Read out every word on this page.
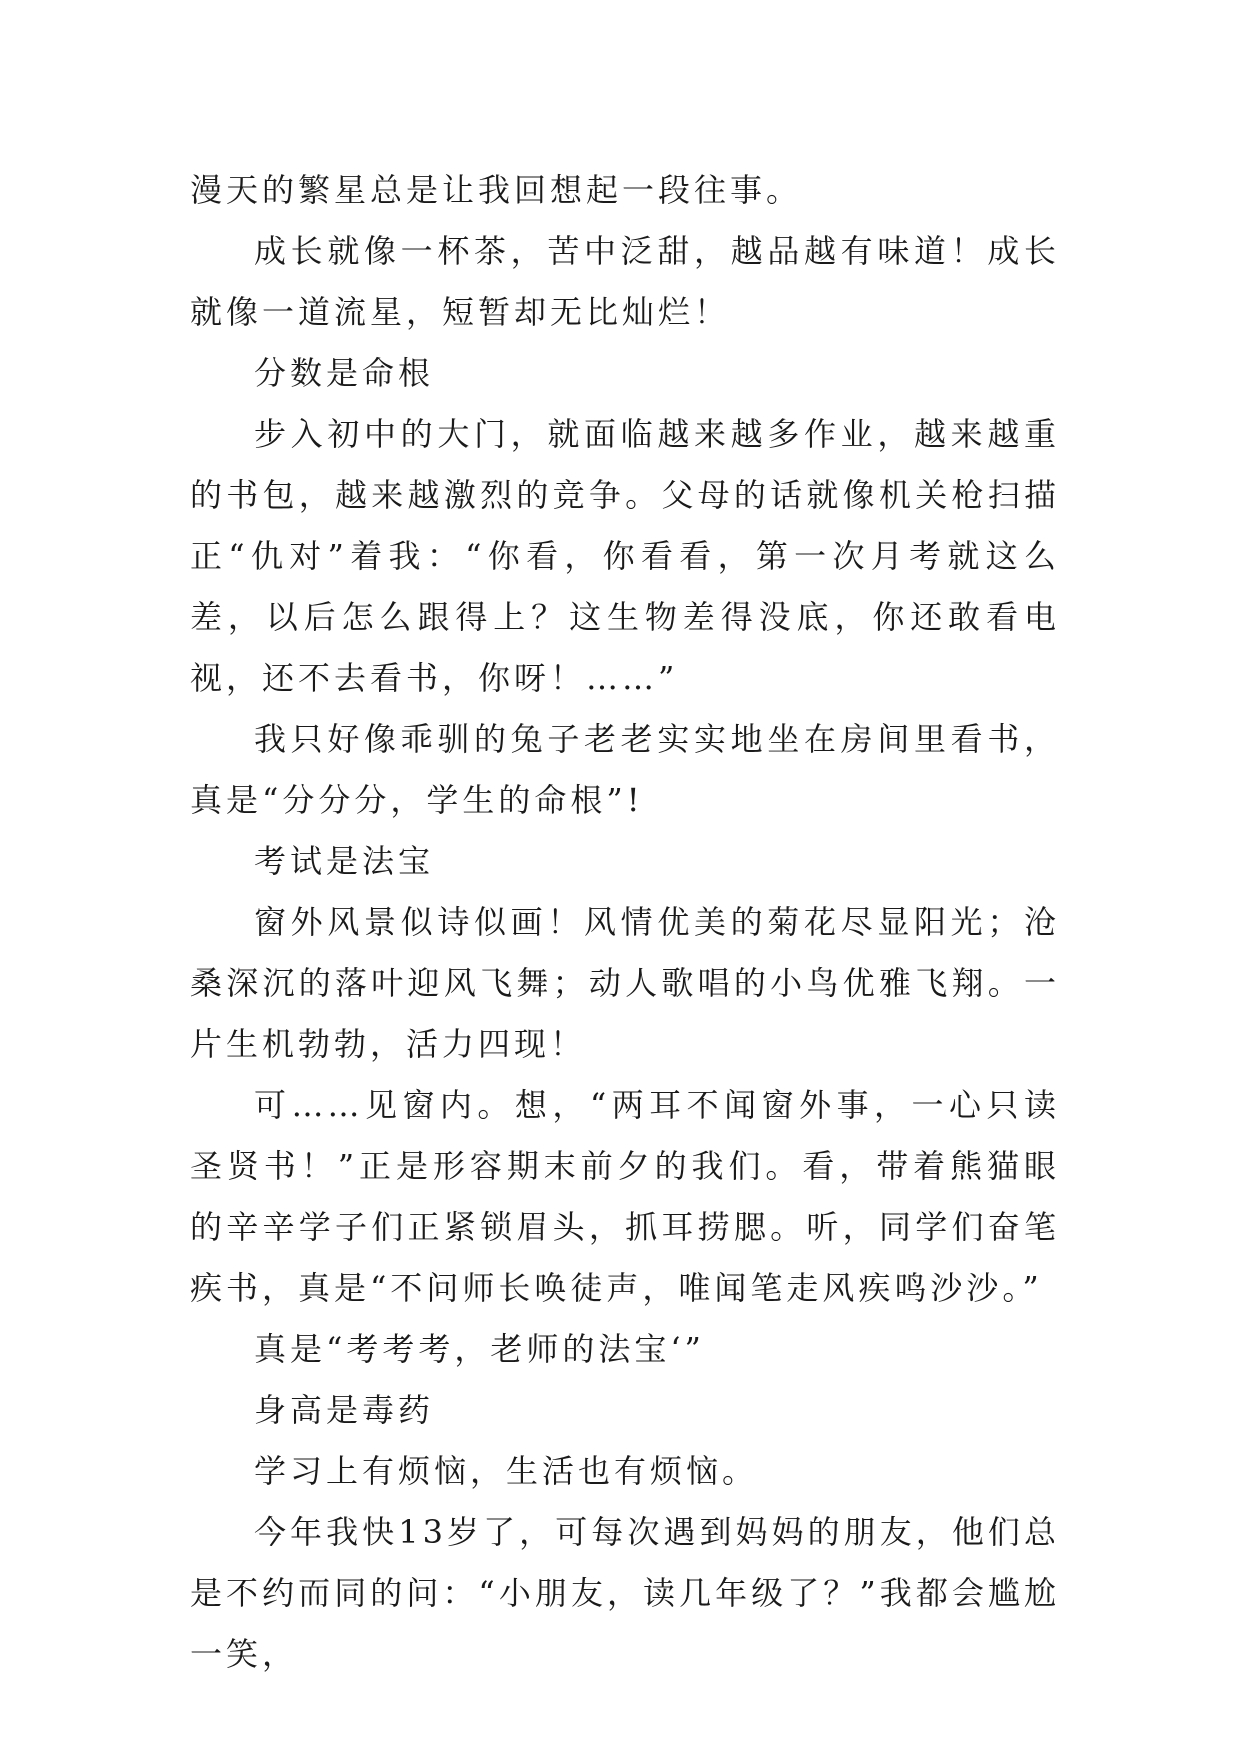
漫天的繁星总是让我回想起一段往事。

成长就像一杯茶，苦中泛甜，越品越有味道！成长就像一道流星，短暂却无比灿烂！

分数是命根

步入初中的大门，就面临越来越多作业，越来越重的书包，越来越激烈的竞争。父母的话就像机关枪扫描正“仇对”着我：“你看，你看看，第一次月考就这么差，以后怎么跟得上？这生物差得没底，你还敢看电视，还不去看书，你呀！……”

我只好像乖驯的兔子老老实实地坐在房间里看书，真是“分分分，学生的命根”!

考试是法宝

窗外风景似诗似画！风情优美的菊花尽显阳光；沧桑深沉的落叶迎风飞舞；动人歌唱的小鸟优雅飞翔。一片生机勃勃，活力四现！

可……见窗内。想，“两耳不闻窗外事，一心只读圣贤书！”正是形容期末前夕的我们。看，带着熊猫眼的辛辛学子们正紧锁眉头，抓耳捞腮。听，同学们奋笔疾书，真是“不问师长唤徒声，唯闻笔走风疾鸣沙沙。”

真是“考考考，老师的法宝‘”

身高是毒药

学习上有烦恼，生活也有烦恼。

今年我快13岁了，可每次遇到妈妈的朋友，他们总是不约而同的问：“小朋友，读几年级了？”我都会尴尬一笑，
